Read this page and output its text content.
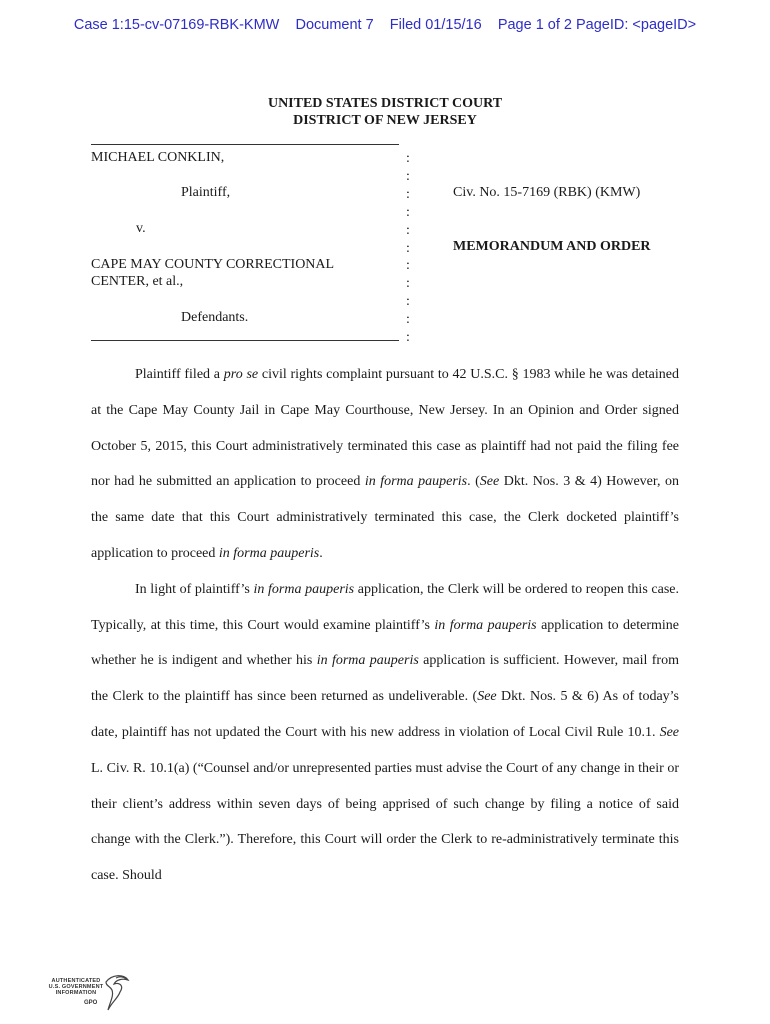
Case 1:15-cv-07169-RBK-KMW Document 7 Filed 01/15/16 Page 1 of 2 PageID: <pageID>
UNITED STATES DISTRICT COURT
DISTRICT OF NEW JERSEY
MICHAEL CONKLIN,
Plaintiff,
v.
CAPE MAY COUNTY CORRECTIONAL
CENTER, et al.,
Defendants.
:
:
:
:
:
:
:
:
:
:
:
Civ. No. 15-7169 (RBK) (KMW)
MEMORANDUM AND ORDER

Plaintiff filed a pro se civil rights complaint pursuant to 42 U.S.C. § 1983 while he was detained at the Cape May County Jail in Cape May Courthouse, New Jersey. In an Opinion and Order signed October 5, 2015, this Court administratively terminated this case as plaintiff had not paid the filing fee nor had he submitted an application to proceed in forma pauperis. (See Dkt. Nos. 3 & 4) However, on the same date that this Court administratively terminated this case, the Clerk docketed plaintiff’s application to proceed in forma pauperis.

In light of plaintiff’s in forma pauperis application, the Clerk will be ordered to reopen this case. Typically, at this time, this Court would examine plaintiff’s in forma pauperis application to determine whether he is indigent and whether his in forma pauperis application is sufficient. However, mail from the Clerk to the plaintiff has since been returned as undeliverable. (See Dkt. Nos. 5 & 6) As of today’s date, plaintiff has not updated the Court with his new address in violation of Local Civil Rule 10.1. See L. Civ. R. 10.1(a) (“Counsel and/or unrepresented parties must advise the Court of any change in their or their client’s address within seven days of being apprised of such change by filing a notice of said change with the Clerk.”). Therefore, this Court will order the Clerk to re-administratively terminate this case. Should

AUTHENTICATED
U.S. GOVERNMENT
INFORMATION
GPO
